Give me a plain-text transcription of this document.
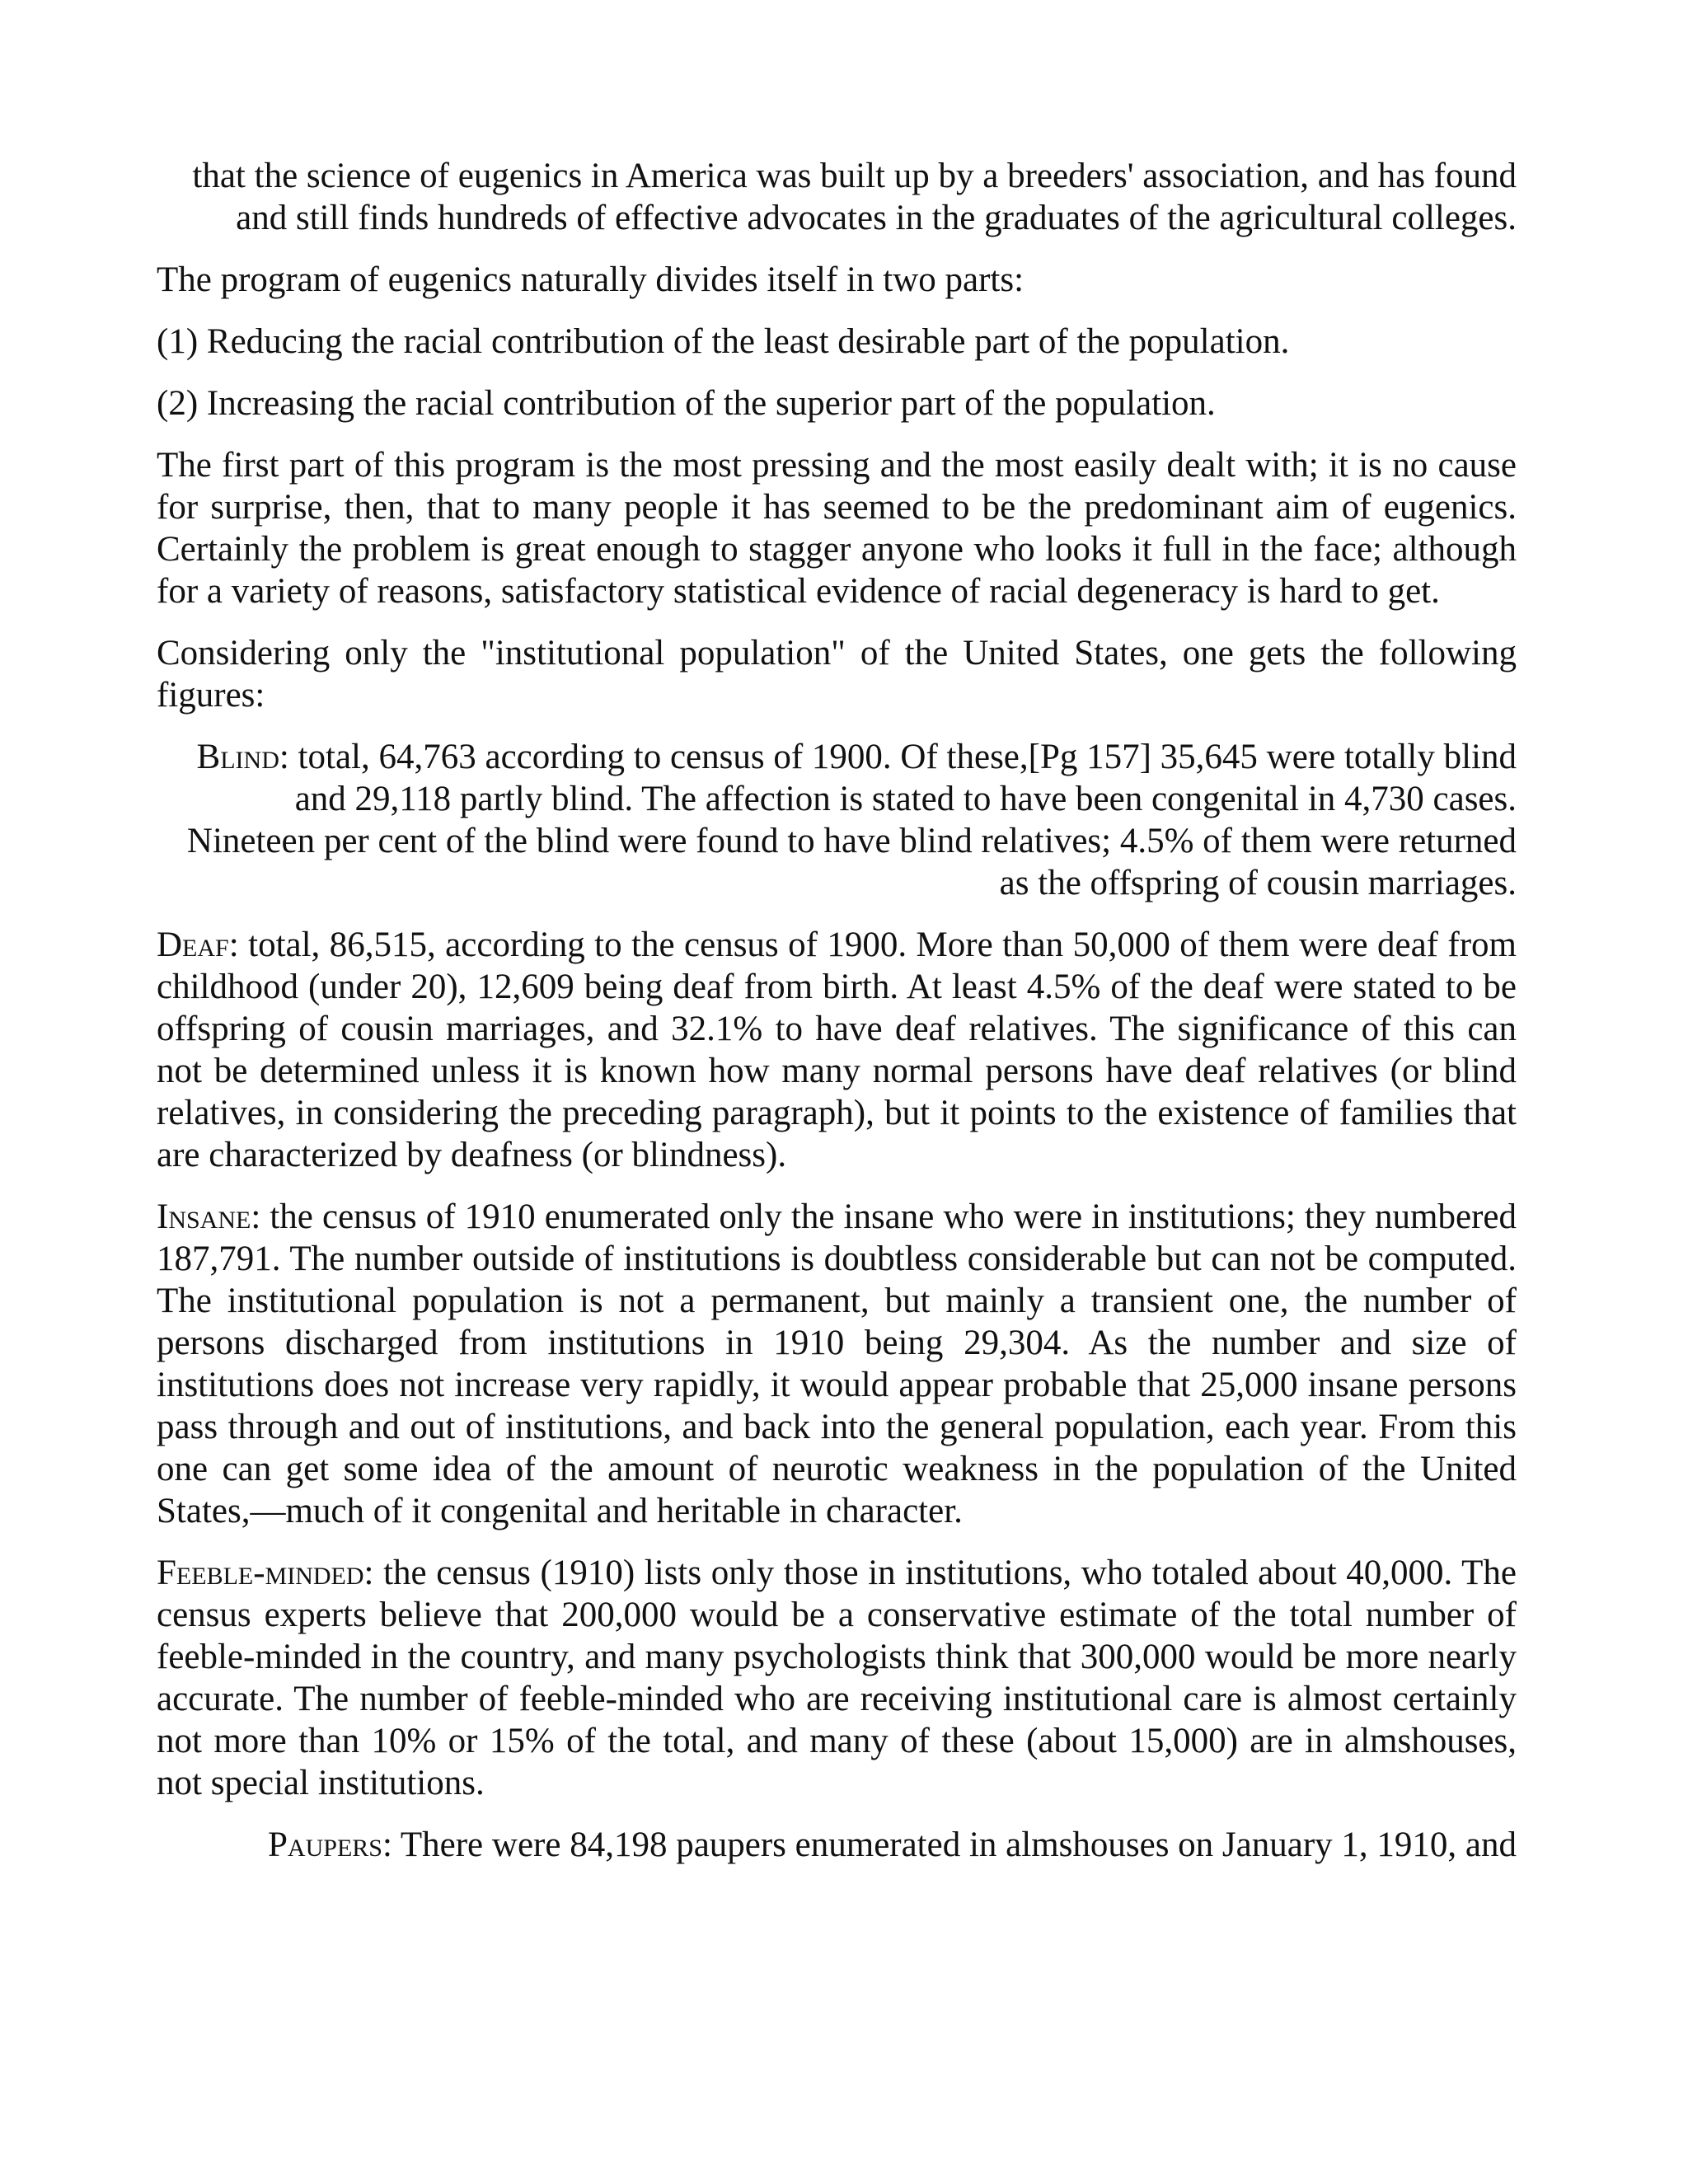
that the science of eugenics in America was built up by a breeders' association, and has found and still finds hundreds of effective advocates in the graduates of the agricultural colleges.

The program of eugenics naturally divides itself in two parts:

(1) Reducing the racial contribution of the least desirable part of the population.

(2) Increasing the racial contribution of the superior part of the population.

The first part of this program is the most pressing and the most easily dealt with; it is no cause for surprise, then, that to many people it has seemed to be the predominant aim of eugenics. Certainly the problem is great enough to stagger anyone who looks it full in the face; although for a variety of reasons, satisfactory statistical evidence of racial degeneracy is hard to get.

Considering only the "institutional population" of the United States, one gets the following figures:

Blind: total, 64,763 according to census of 1900. Of these,[Pg 157] 35,645 were totally blind and 29,118 partly blind. The affection is stated to have been congenital in 4,730 cases. Nineteen per cent of the blind were found to have blind relatives; 4.5% of them were returned as the offspring of cousin marriages.

Deaf: total, 86,515, according to the census of 1900. More than 50,000 of them were deaf from childhood (under 20), 12,609 being deaf from birth. At least 4.5% of the deaf were stated to be offspring of cousin marriages, and 32.1% to have deaf relatives. The significance of this can not be determined unless it is known how many normal persons have deaf relatives (or blind relatives, in considering the preceding paragraph), but it points to the existence of families that are characterized by deafness (or blindness).

Insane: the census of 1910 enumerated only the insane who were in institutions; they numbered 187,791. The number outside of institutions is doubtless considerable but can not be computed. The institutional population is not a permanent, but mainly a transient one, the number of persons discharged from institutions in 1910 being 29,304. As the number and size of institutions does not increase very rapidly, it would appear probable that 25,000 insane persons pass through and out of institutions, and back into the general population, each year. From this one can get some idea of the amount of neurotic weakness in the population of the United States,—much of it congenital and heritable in character.

Feeble-minded: the census (1910) lists only those in institutions, who totaled about 40,000. The census experts believe that 200,000 would be a conservative estimate of the total number of feeble-minded in the country, and many psychologists think that 300,000 would be more nearly accurate. The number of feeble-minded who are receiving institutional care is almost certainly not more than 10% or 15% of the total, and many of these (about 15,000) are in almshouses, not special institutions.

Paupers: There were 84,198 paupers enumerated in almshouses on January 1, 1910, and
